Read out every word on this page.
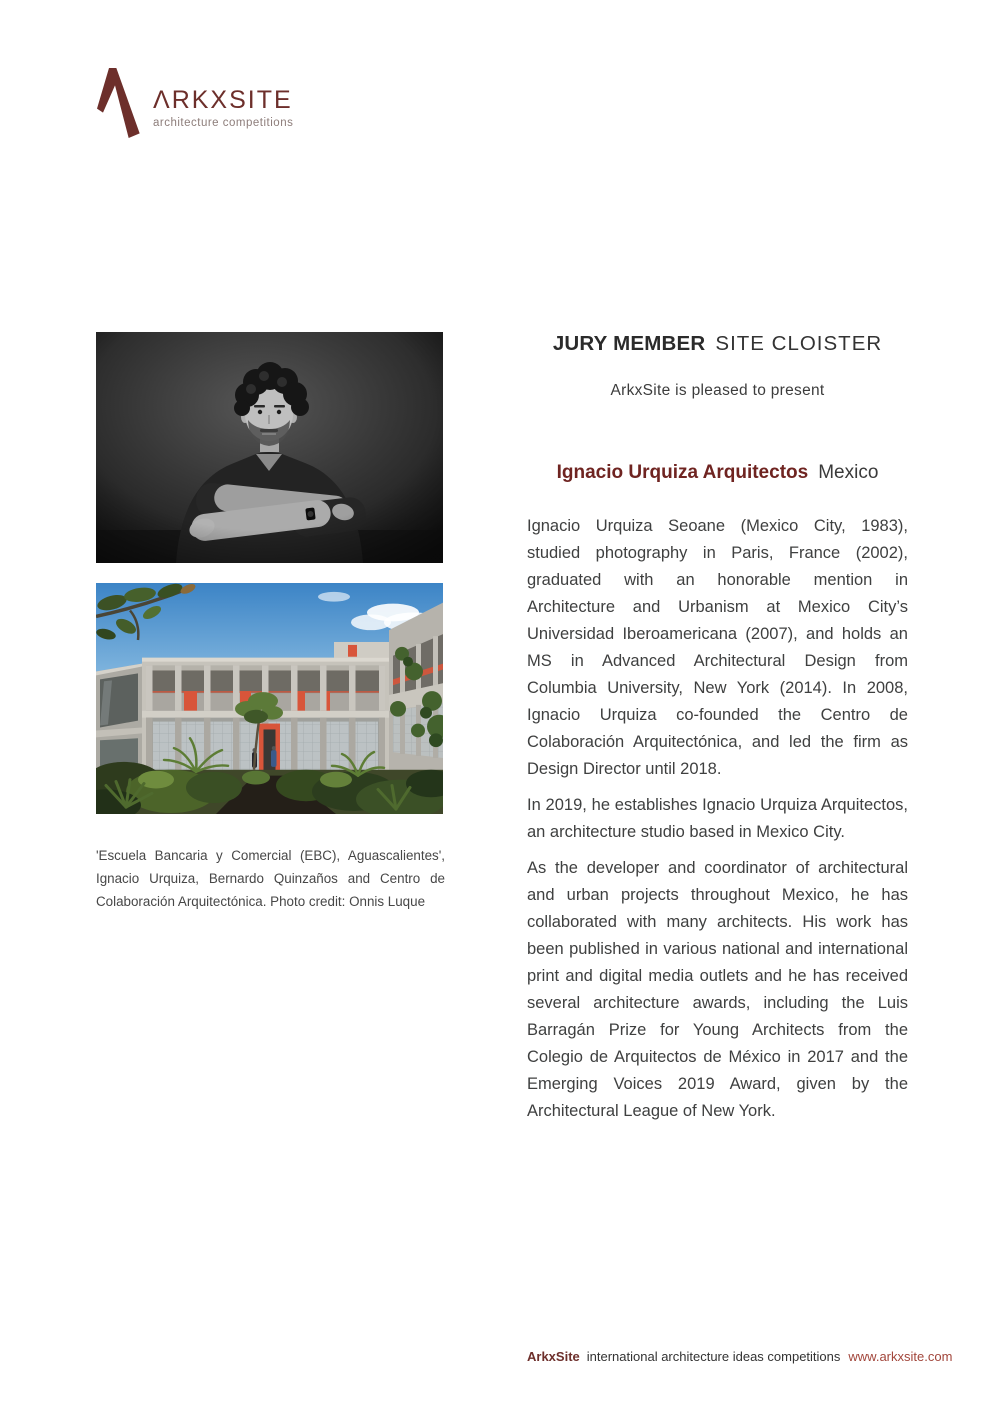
ΛRKXSITE
architecture competitions

'Escuela Bancaria y Comercial (EBC), Aguascalientes', Ignacio Urquiza, Bernardo Quinzaños and Centro de Colaboración Arquitectónica. Photo credit: Onnis Luque

JURY MEMBER SITE CLOISTER
ArkxSite is pleased to present
Ignacio Urquiza Arquitectos Mexico

Ignacio Urquiza Seoane (Mexico City, 1983), studied photography in Paris, France (2002), graduated with an honorable mention in Architecture and Urbanism at Mexico City’s Universidad Iberoamericana (2007), and holds an MS in Advanced Architectural Design from Columbia University, New York (2014). In 2008, Ignacio Urquiza co-founded the Centro de Colaboración Arquitectónica, and led the firm as Design Director until 2018.

In 2019, he establishes Ignacio Urquiza Arquitectos, an architecture studio based in Mexico City.

As the developer and coordinator of architectural and urban projects throughout Mexico, he has collaborated with many architects. His work has been published in various national and international print and digital media outlets and he has received several architecture awards, including the Luis Barragán Prize for Young Architects from the Colegio de Arquitectos de México in 2017 and the Emerging Voices 2019 Award, given by the Architectural League of New York.

ArkxSite international architecture ideas competitions www.arkxsite.com
